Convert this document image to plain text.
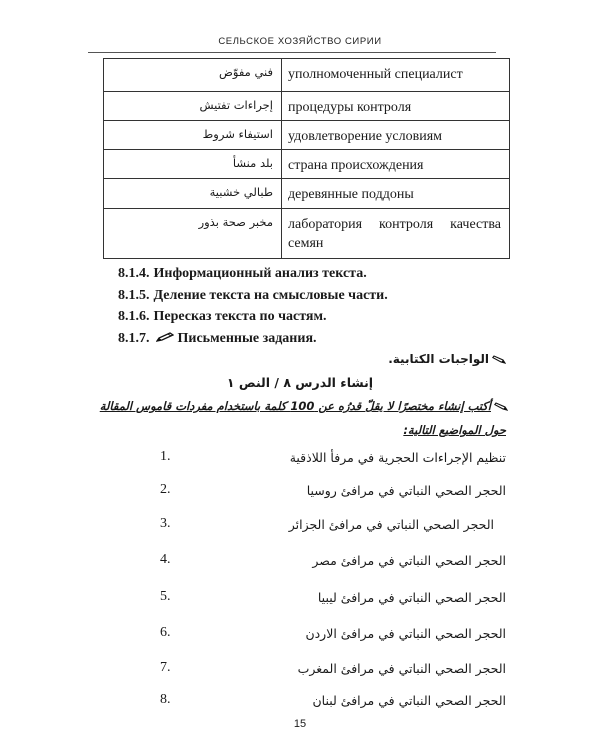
СЕЛЬСКОЕ ХОЗЯЙСТВО СИРИИ
فني مفوّض	уполномоченный специалист
إجراءات تفتيش	процедуры контроля
استيفاء شروط	удовлетворение условиям
بلد منشأ	страна происхождения
طبالي خشبية	деревянные поддоны
مخبر صحة بذور	лаборатория контроля качества семян
8.1.4. Информационный анализ текста.
8.1.5. Деление текста на смысловые части.
8.1.6. Пересказ текста по частям.
8.1.7. Письменные задания.
الواجبات الكتابية.
إنشاء الدرس ٨ / النص ١
أكتب إنشاء مختصرًا لا يقلّ قدرُه عن 100 كلمة باستخدام مفردات قاموس المقالة
حول المواضيع التالية:
1.	تنظيم الإجراءات الحجرية في مرفأ اللاذقية
2.	الحجر الصحي النباتي في مرافئ روسيا
3.	الحجر الصحي النباتي في مرافئ الجزائر
4.	الحجر الصحي النباتي في مرافئ مصر
5.	الحجر الصحي النباتي في مرافئ ليبيا
6.	الحجر الصحي النباتي في مرافئ الاردن
7.	الحجر الصحي النباتي في مرافئ المغرب
8.	الحجر الصحي النباتي في مرافئ لبنان
15
